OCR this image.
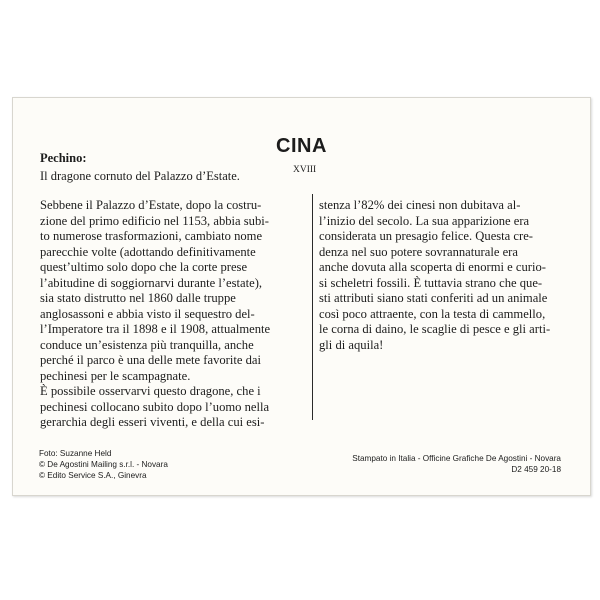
CINA
XVIII
Pechino:
Il dragone cornuto del Palazzo d’Estate.
Sebbene il Palazzo d’Estate, dopo la costru-
zione del primo edificio nel 1153, abbia subi-
to numerose trasformazioni, cambiato nome
parecchie volte (adottando definitivamente
quest’ultimo solo dopo che la corte prese
l’abitudine di soggiornarvi durante l’estate),
sia stato distrutto nel 1860 dalle truppe
anglosassoni e abbia visto il sequestro del-
l’Imperatore tra il 1898 e il 1908, attualmente
conduce un’esistenza più tranquilla, anche
perché il parco è una delle mete favorite dai
pechinesi per le scampagnate.
È possibile osservarvi questo dragone, che i
pechinesi collocano subito dopo l’uomo nella
gerarchia degli esseri viventi, e della cui esi-
stenza l’82% dei cinesi non dubitava al-
l’inizio del secolo. La sua apparizione era
considerata un presagio felice. Questa cre-
denza nel suo potere sovrannaturale era
anche dovuta alla scoperta di enormi e curio-
si scheletri fossili. È tuttavia strano che que-
sti attributi siano stati conferiti ad un animale
così poco attraente, con la testa di cammello,
le corna di daino, le scaglie di pesce e gli arti-
gli di aquila!
Foto: Suzanne Held
© De Agostini Mailing s.r.l. - Novara
© Edito Service S.A., Ginevra
Stampato in Italia - Officine Grafiche De Agostini - Novara
D2 459 20-18
